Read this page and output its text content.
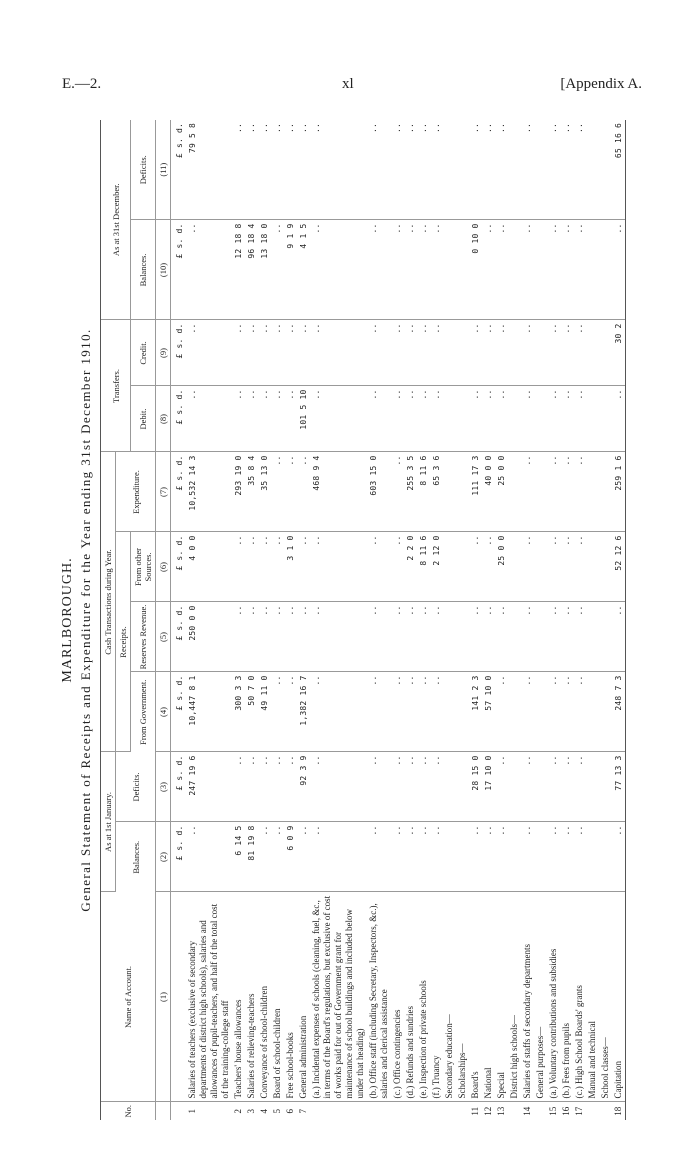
E.—2.	xl	[Appendix A.
MARLBOROUGH. General Statement of Receipts and Expenditure for the Year ending 31st December 1910.
No.	Name of Account.	As at 1st January.		Cash Transactions during Year.				Transfers.		As at 31st December.	
		Balances.	Deficits.	Receipts.			Expenditure.				
				From Government.	Reserves Revenue.	From other Sources.		Debit.	Credit.	Balances.	Deficits.
	(1)	(2)	(3)	(4)	(5)	(6)	(7)	(8)	(9)	(10)	(11)
		£ s. d.	£ s. d.	£ s. d.	£ s. d.	£ s. d.	£ s. d.	£ s. d.	£ s. d.	£ s. d.	£ s. d.
1	Salaries of teachers (exclusive of secondary departments of district high schools), salaries and allowances of pupil-teachers, and half of the total cost of the training-college staff	..	247 19 6	10,447 8 1	250 0 0	4 0 0	10,532 14 3	..	..	..	79 5 8
2	Teachers' house allowances	6 14 5	..	300 3 3	..	..	293 19 0	..	..	12 18 8	..
3	Salaries of relieving-teachers	81 19 8	..	50 7 0	..	..	35 8 4	..	..	96 18 4	..
4	Conveyance of school-children	..	..	49 11 0	..	..	35 13 0	..	..	13 18 0	..
5	Board of school-children	..	..	..	..	..	..	..	..	..	..
6	Free school-books	6 0 9	..	..	..	3 1 0	..	..	..	9 1 9	..
7	General administration	..	92 3 9	1,382 16 7	..	..	..	101 5 10	..	4 1 5	..
	(a.) Incidental expenses of schools (cleaning, fuel, &c., in terms of the Board's regulations, but exclusive of cost of works paid for out of Government grant for maintenance of school buildings and included below under that heading)	..	..	..	..	..	468 9 4	..	..	..	..
	(b.) Office staff (including Secretary, Inspectors, &c.), salaries and clerical assistance	..	..	..	..	..	603 15 0	..	..	..	..
	(c.) Office contingencies	..	..	..	..	..	..	..	..	..	..
	(d.) Refunds and sundries	..	..	..	..	2 2 0	255 3 5	..	..	..	..
	(e.) Inspection of private schools	..	..	..	..	8 11 6	8 11 6	..	..	..	..
	(f.) Truancy	..	..	..	..	2 12 0	65 3 6	..	..	..	..
	Secondary education—										
	Scholarships—										
11	Board's	..	28 15 0	141 2 3	..	..	111 17 3	..	..	0 10 0	..
12	National	..	17 10 0	57 10 0	..	..	40 0 0	..	..	..	..
13	Special	..	..	..	..	25 0 0	25 0 0	..	..	..	..
	District high schools—										
14	Salaries of staffs of secondary departments	..	..	..	..	..	..	..	..	..	..
	General purposes—										
15	(a.) Voluntary contributions and subsidies	..	..	..	..	..	..	..	..	..	..
16	(b.) Fees from pupils	..	..	..	..	..	..	..	..	..	..
17	(c.) High School Boards' grants	..	..	..	..	..	..	..	..	..	..
	Manual and technical										
	School classes—										
18	Capitation	..	77 13 3	248 7 3	..	52 12 6	259 1 6	..	30 2	..	65 16 6
